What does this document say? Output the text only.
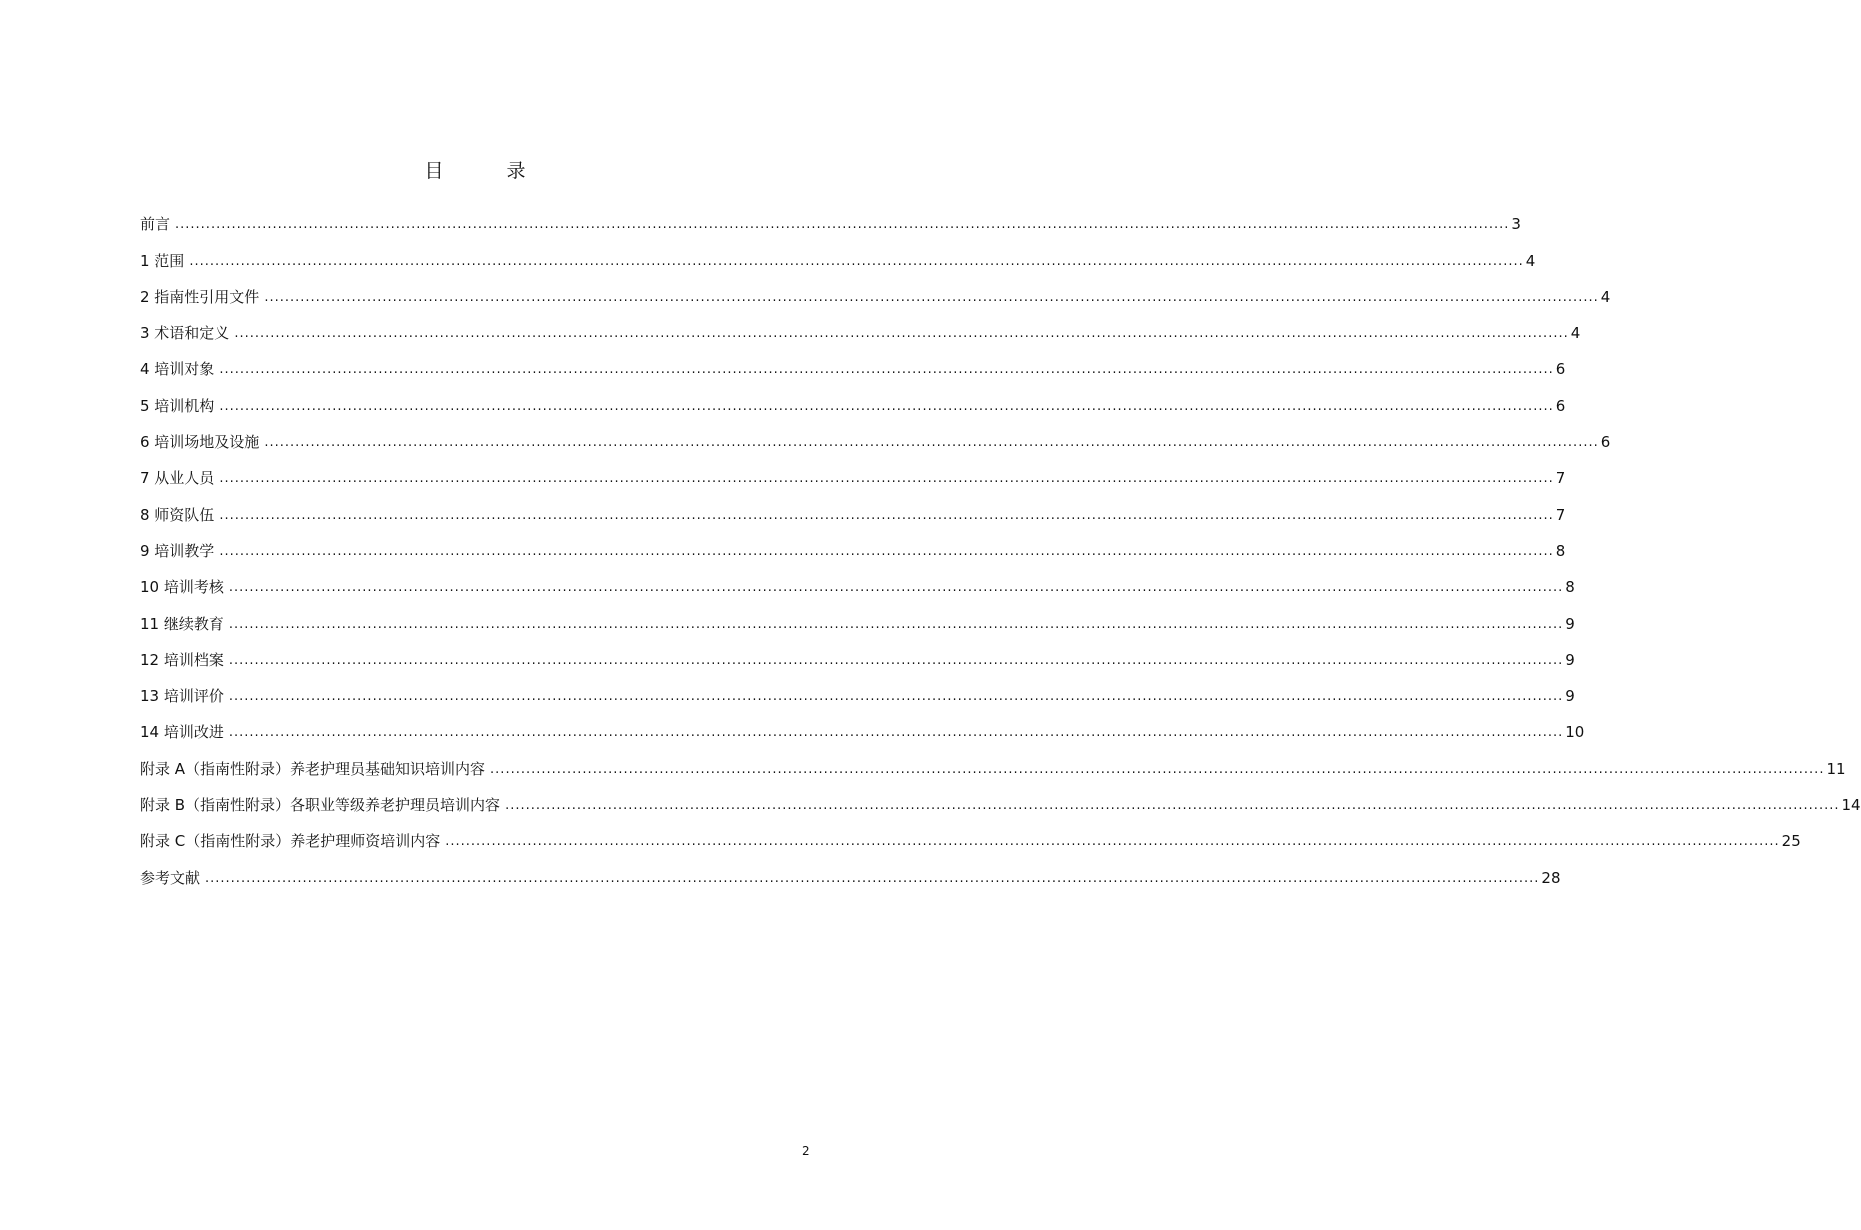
目　录
前言 .................................................................................................................................................................................................................................................................... 3
1 范围 .................................................................................................................................................................................................................................................................... 4
2 指南性引用文件 .................................................................................................................................................................................................................................................................... 4
3 术语和定义 .................................................................................................................................................................................................................................................................... 4
4 培训对象 .................................................................................................................................................................................................................................................................... 6
5 培训机构 .................................................................................................................................................................................................................................................................... 6
6 培训场地及设施 .................................................................................................................................................................................................................................................................... 6
7 从业人员 .................................................................................................................................................................................................................................................................... 7
8 师资队伍 .................................................................................................................................................................................................................................................................... 7
9 培训教学 .................................................................................................................................................................................................................................................................... 8
10 培训考核 .................................................................................................................................................................................................................................................................... 8
11 继续教育 .................................................................................................................................................................................................................................................................... 9
12 培训档案 .................................................................................................................................................................................................................................................................... 9
13 培训评价 .................................................................................................................................................................................................................................................................... 9
14 培训改进 .................................................................................................................................................................................................................................................................... 10
附录 A（指南性附录）养老护理员基础知识培训内容 .................................................................................................................................................................................................................................................................... 11
附录 B（指南性附录）各职业等级养老护理员培训内容 .................................................................................................................................................................................................................................................................... 14
附录 C（指南性附录）养老护理师资培训内容 .................................................................................................................................................................................................................................................................... 25
参考文献 .................................................................................................................................................................................................................................................................... 28
2
